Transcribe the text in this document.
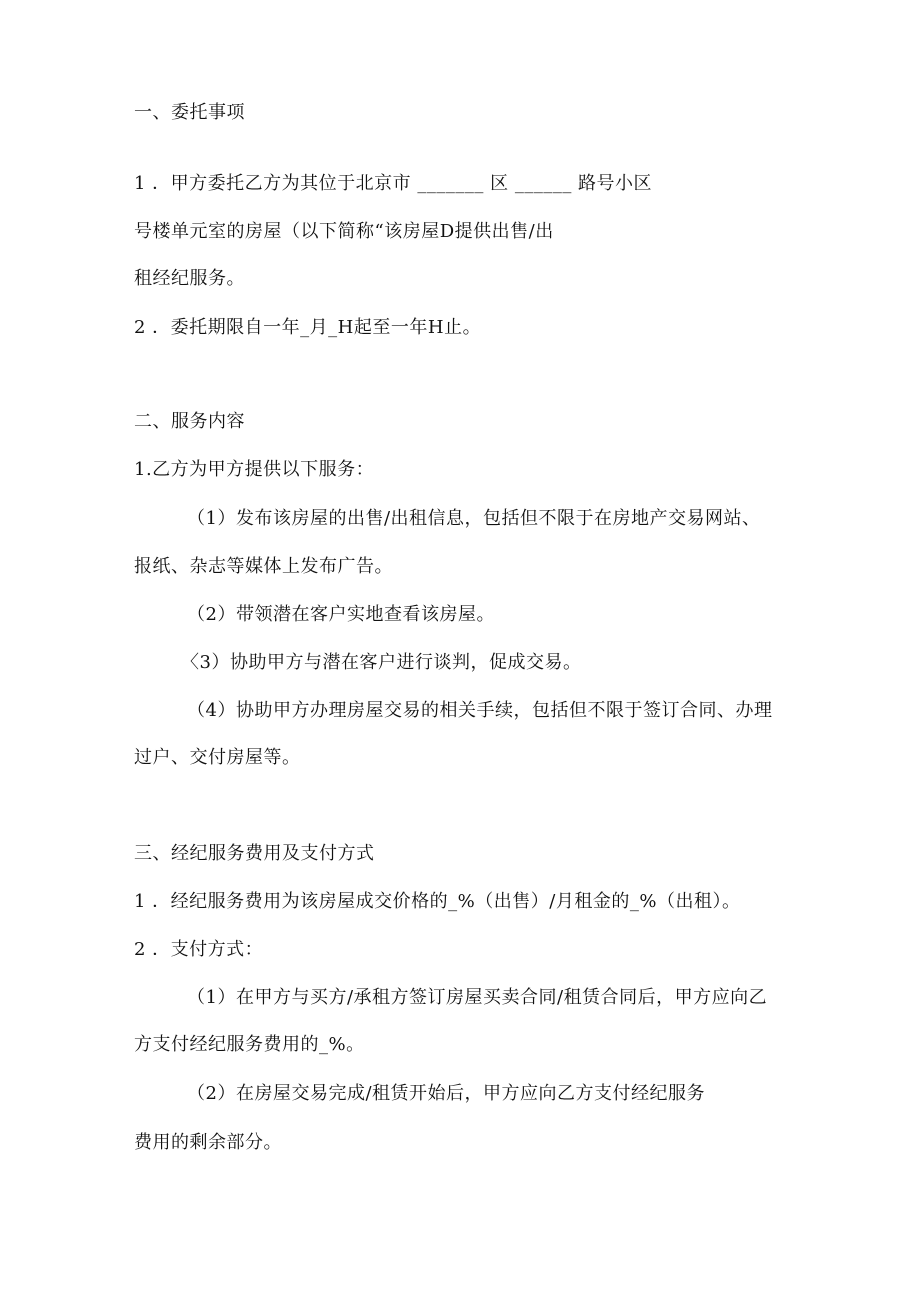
一、委托事项
1 ．甲方委托乙方为其位于北京市 _______ 区 ______ 路号小区
号楼单元室的房屋（以下简称“该房屋D提供出售/出
租经纪服务。
2 ．委托期限自一年_月_H起至一年H止。
二、服务内容
1.乙方为甲方提供以下服务：
（1）发布该房屋的出售/出租信息，包括但不限于在房地产交易网站、
报纸、杂志等媒体上发布广告。
（2）带领潜在客户实地查看该房屋。
〈3）协助甲方与潜在客户进行谈判，促成交易。
（4）协助甲方办理房屋交易的相关手续，包括但不限于签订合同、办理
过户、交付房屋等。
三、经纪服务费用及支付方式
1 ．经纪服务费用为该房屋成交价格的_%（出售）/月租金的_%（出租）。
2 ．支付方式：
（1）在甲方与买方/承租方签订房屋买卖合同/租赁合同后，甲方应向乙
方支付经纪服务费用的_%。
（2）在房屋交易完成/租赁开始后，甲方应向乙方支付经纪服务
费用的剩余部分。
